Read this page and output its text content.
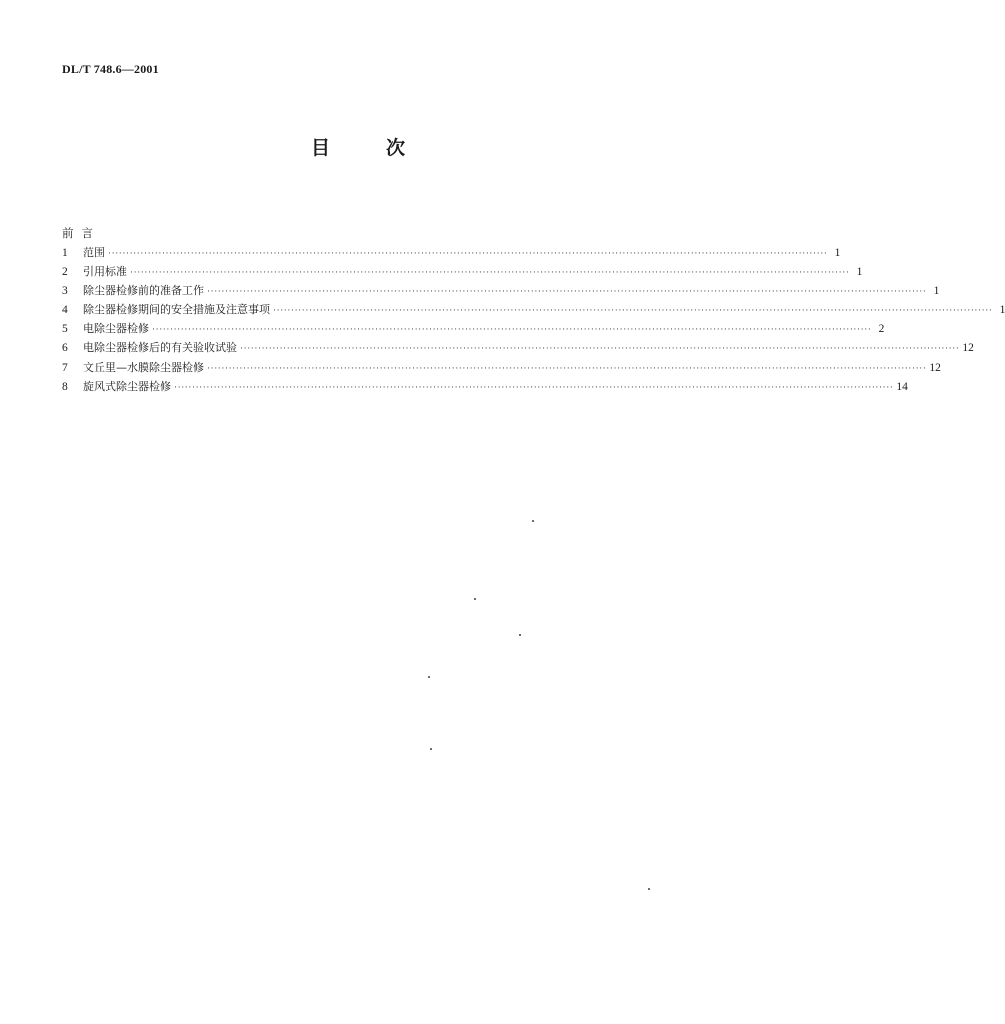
DL/T 748.6—2001
目	次
前言
1	范围 ········································································································································································································ 1
2	引用标准 ········································································································································································································ 1
3	除尘器检修前的准备工作 ········································································································································································································ 1
4	除尘器检修期间的安全措施及注意事项 ········································································································································································································ 1
5	电除尘器检修 ········································································································································································································ 2
6	电除尘器检修后的有关验收试验 ········································································································································································································ 12
7	文丘里—水膜除尘器检修 ········································································································································································································ 12
8	旋风式除尘器检修 ········································································································································································································ 14
